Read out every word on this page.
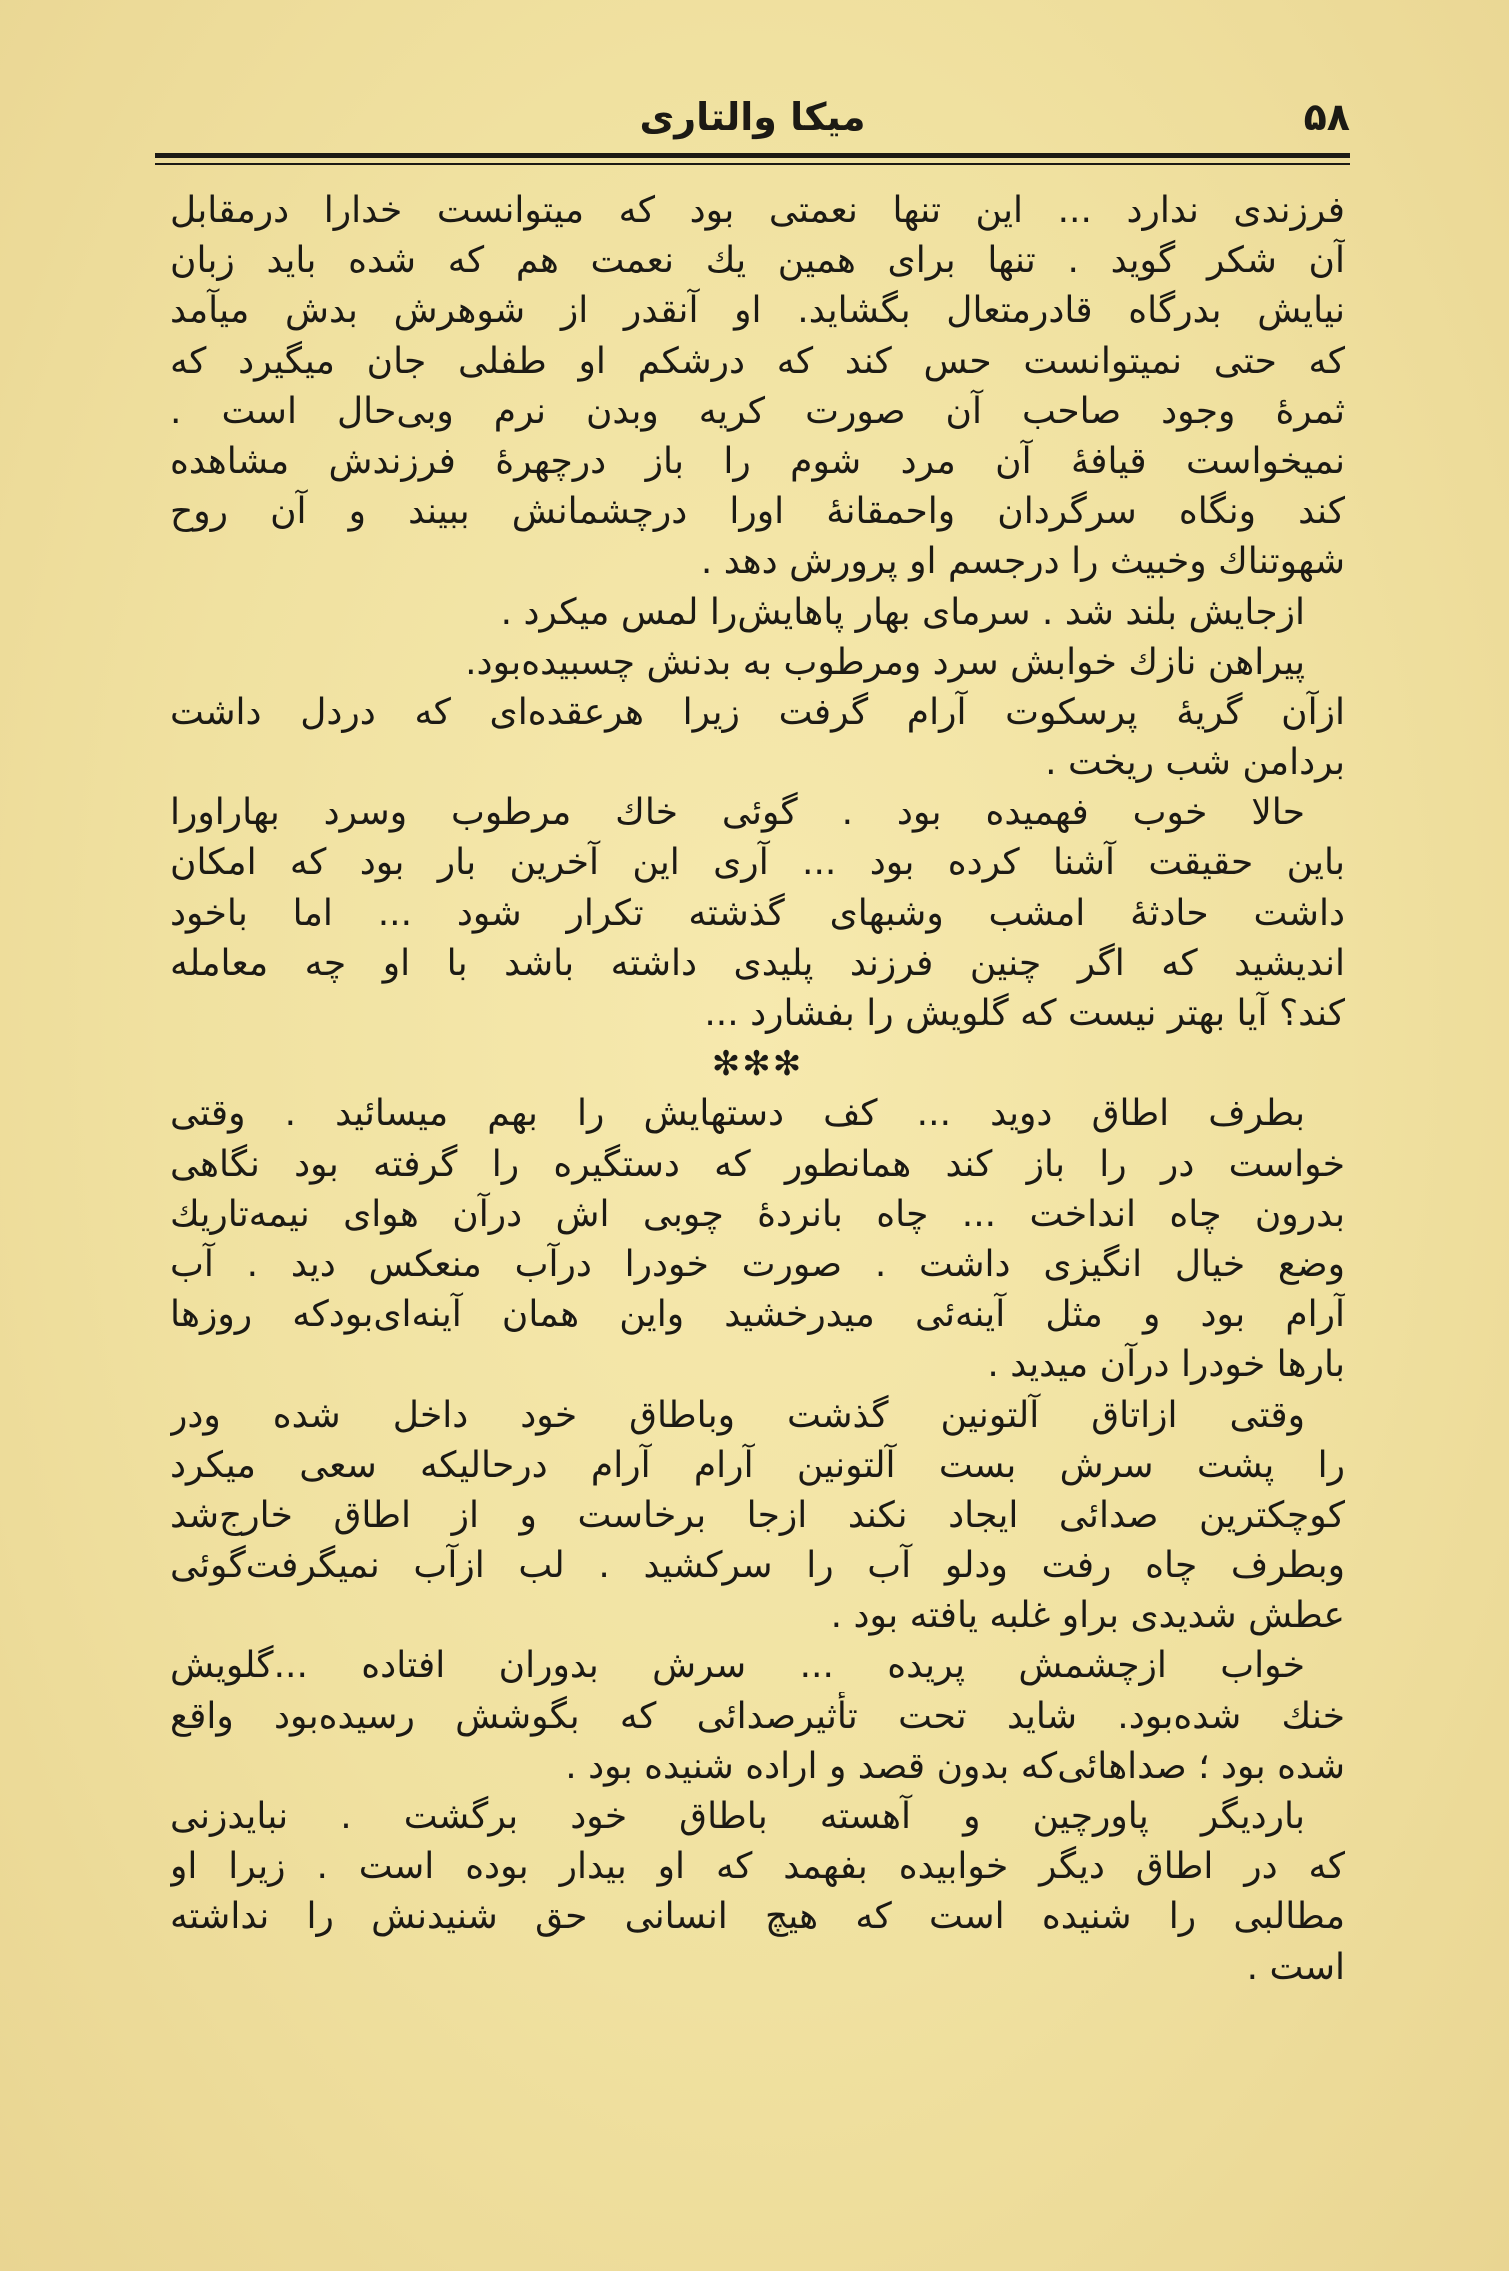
۵۸
میکا والتاری
فرزندی ندارد ... این تنها نعمتی بود که میتوانست خدارا درمقابل
آن شکر گوید . تنها برای همین یك نعمت هم که شده باید زبان
نیایش بدرگاه قادرمتعال بگشاید. او آنقدر از شوهرش بدش میآمد
که حتی نمیتوانست حس کند که درشکم او طفلی جان میگیرد که
ثمرهٔ وجود صاحب آن صورت کریه وبدن نرم وبی‌حال است .
نمیخواست قیافهٔ آن مرد شوم را باز درچهرهٔ فرزندش مشاهده
کند ونگاه سرگردان واحمقانهٔ اورا درچشمانش ببیند و آن روح
شهوتناك وخبیث را درجسم او پرورش دهد .
ازجایش بلند شد . سرمای بهار پاهایش‌را لمس میکرد .
پیراهن نازك خوابش سرد ومرطوب به بدنش چسبیده‌بود.
ازآن گریهٔ پرسکوت آرام گرفت زیرا هرعقده‌ای که دردل داشت
بردامن شب ریخت .
حالا خوب فهمیده بود . گوئی خاك مرطوب وسرد بهاراورا
باین حقیقت آشنا کرده بود ... آری این آخرین بار بود که امکان
داشت حادثهٔ امشب وشبهای گذشته تکرار شود ... اما باخود
اندیشید که اگر چنین فرزند پلیدی داشته باشد با او چه معامله
کند؟ آیا بهتر نیست که گلویش را بفشارد ...
✻✻✻
بطرف اطاق دوید ... کف دستهایش را بهم میسائید . وقتی
خواست در را باز کند همانطور که دستگیره را گرفته بود نگاهی
بدرون چاه انداخت ... چاه بانردهٔ چوبی اش درآن هوای نیمه‌تاریك
وضع خیال انگیزی داشت . صورت خودرا درآب منعکس دید . آب
آرام بود و مثل آینه‌ئی میدرخشید واین همان آینه‌ای‌بودکه روزها
بارها خودرا درآن میدید .
وقتی ازاتاق آلتونین گذشت وباطاق خود داخل شده ودر
را پشت سرش بست آلتونین آرام آرام درحالیکه سعی میکرد
کوچکترین صدائی ایجاد نکند ازجا برخاست و از اطاق خارج‌شد
وبطرف چاه رفت ودلو آب را سرکشید . لب ازآب نمیگرفت‌گوئی
عطش شدیدی براو غلبه یافته بود .
خواب ازچشمش پریده ... سرش بدوران افتاده ...گلویش
خنك شده‌بود. شاید تحت تأثیرصدائی که بگوشش رسیده‌بود واقع
شده بود ؛ صداهائی‌که بدون قصد و اراده شنیده بود .
باردیگر پاورچین و آهسته باطاق خود برگشت . نبایدزنی
که در اطاق دیگر خوابیده بفهمد که او بیدار بوده است . زیرا او
مطالبی را شنیده است که هیچ انسانی حق شنیدنش را نداشته
است .
